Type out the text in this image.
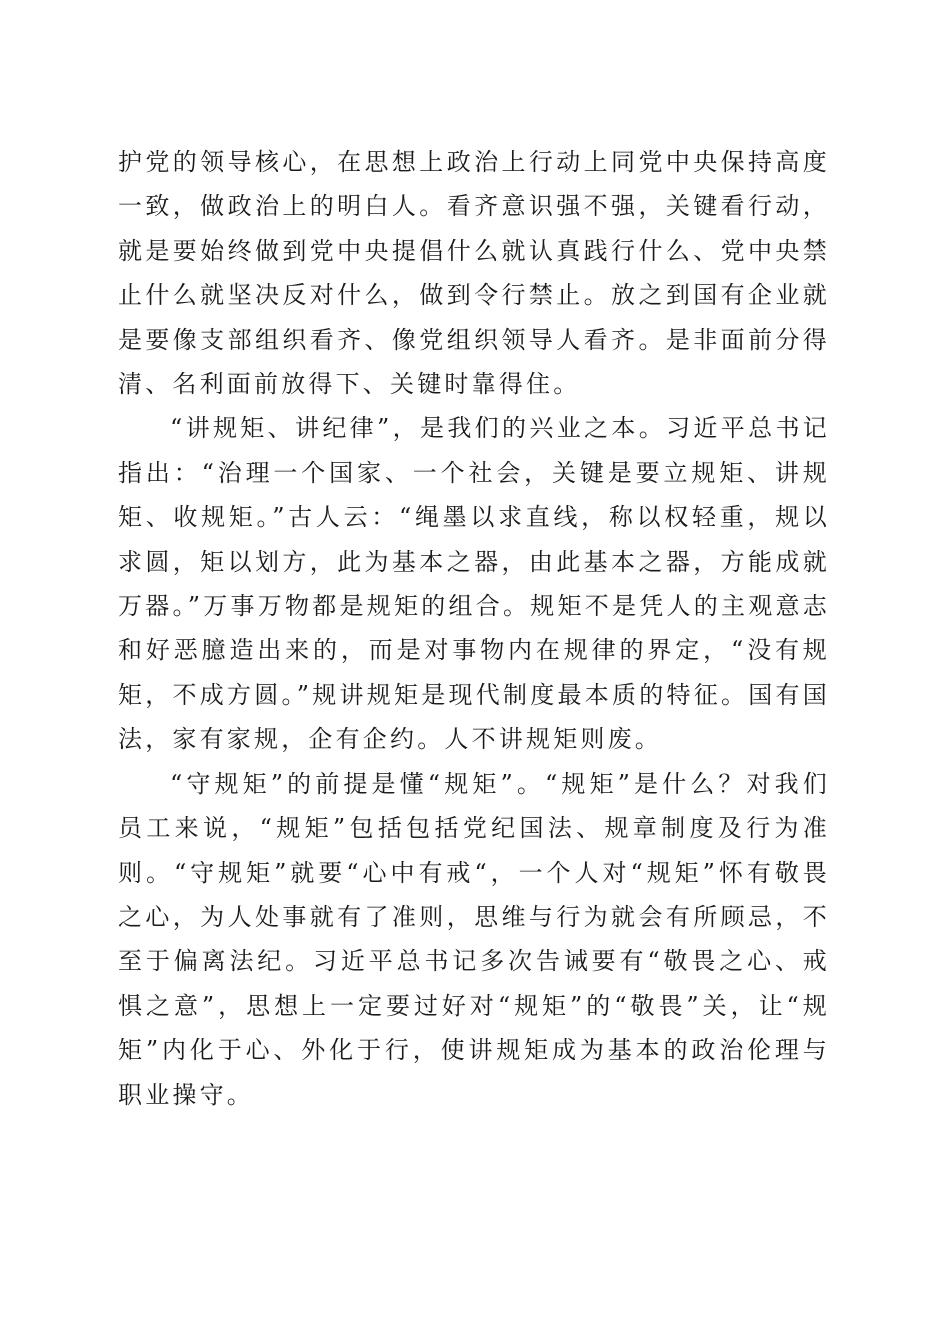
护党的领导核心，在思想上政治上行动上同党中央保持高度一致，做政治上的明白人。看齐意识强不强，关键看行动，就是要始终做到党中央提倡什么就认真践行什么、党中央禁止什么就坚决反对什么，做到令行禁止。放之到国有企业就是要像支部组织看齐、像党组织领导人看齐。是非面前分得清、名利面前放得下、关键时靠得住。

“讲规矩、讲纪律”，是我们的兴业之本。习近平总书记指出：“治理一个国家、一个社会，关键是要立规矩、讲规矩、收规矩。”古人云：“绳墨以求直线，称以权轻重，规以求圆，矩以划方，此为基本之器，由此基本之器，方能成就万器。”万事万物都是规矩的组合。规矩不是凭人的主观意志和好恶臆造出来的，而是对事物内在规律的界定，“没有规矩，不成方圆。”规讲规矩是现代制度最本质的特征。国有国法，家有家规，企有企约。人不讲规矩则废。

“守规矩”的前提是懂“规矩”。“规矩”是什么？对我们员工来说，“规矩”包括包括党纪国法、规章制度及行为准则。“守规矩”就要“心中有戒“，一个人对“规矩”怀有敬畏之心，为人处事就有了准则，思维与行为就会有所顾忌，不至于偏离法纪。习近平总书记多次告诫要有“敬畏之心、戒惧之意”，思想上一定要过好对“规矩”的“敬畏”关，让“规矩”内化于心、外化于行，使讲规矩成为基本的政治伦理与职业操守。
